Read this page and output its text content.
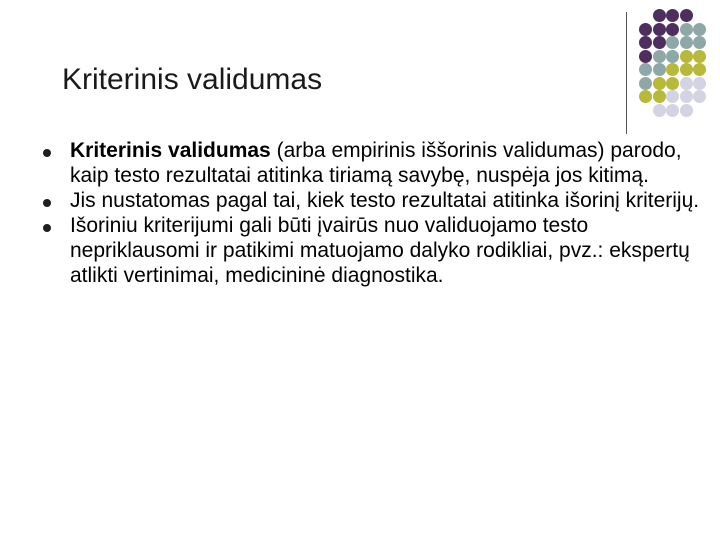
Kriterinis validumas
Kriterinis validumas (arba empirinis iššorinis validumas) parodo, kaip testo rezultatai atitinka tiriamą savybę, nuspėja jos kitimą.
Jis nustatomas pagal tai, kiek testo rezultatai atitinka išorinį kriterijų.
Išoriniu kriterijumi gali būti įvairūs nuo validuojamo testo nepriklausomi ir patikimi matuojamo dalyko rodikliai, pvz.: ekspertų atlikti vertinimai, medicininė diagnostika.
